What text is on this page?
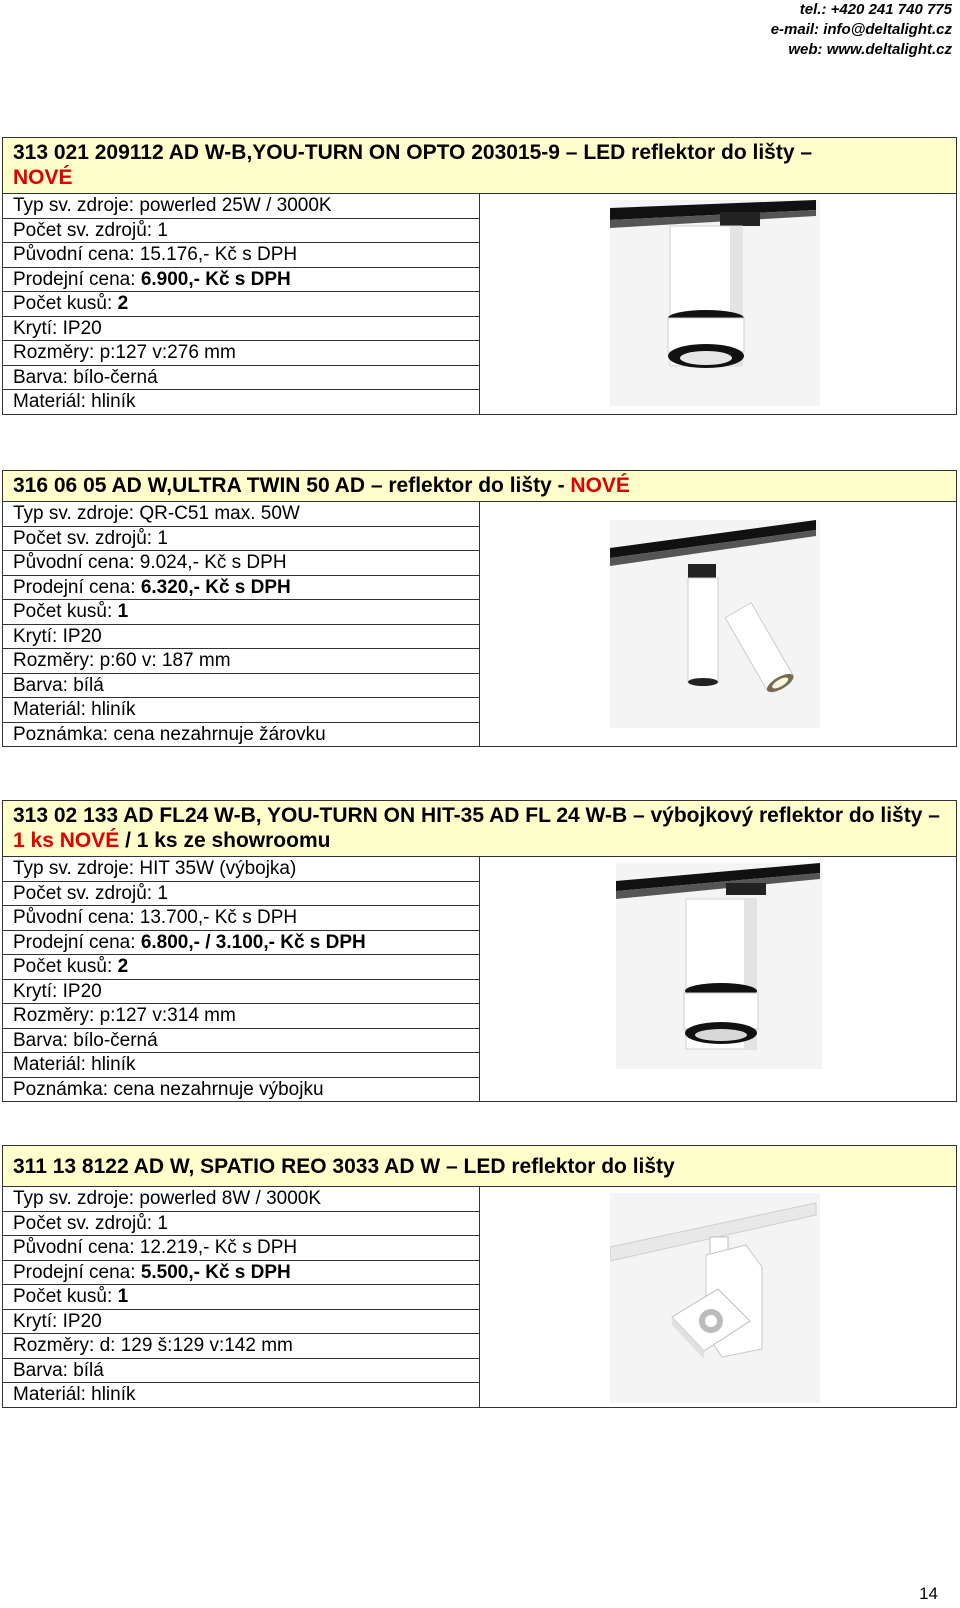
tel.: +420 241 740 775
e-mail: info@deltalight.cz
web: www.deltalight.cz
313 021 209112 AD W-B,YOU-TURN ON OPTO 203015-9 – LED reflektor do lišty –
NOVÉ
Typ sv. zdroje: powerled 25W / 3000K
Počet sv. zdrojů: 1
Původní cena: 15.176,- Kč s DPH
Prodejní cena: 6.900,- Kč s DPH
Počet kusů: 2
Krytí: IP20
Rozměry: p:127 v:276 mm
Barva: bílo-černá
Materiál: hliník
316 06 05 AD W,ULTRA TWIN 50 AD – reflektor do lišty - NOVÉ
Typ sv. zdroje: QR-C51 max. 50W
Počet sv. zdrojů: 1
Původní cena: 9.024,- Kč s DPH
Prodejní cena: 6.320,- Kč s DPH
Počet kusů: 1
Krytí: IP20
Rozměry: p:60 v: 187 mm
Barva: bílá
Materiál: hliník
Poznámka: cena nezahrnuje žárovku
313 02 133 AD FL24 W-B, YOU-TURN ON HIT-35 AD FL 24 W-B – výbojkový reflektor do lišty – 1 ks NOVÉ / 1 ks ze showroomu
Typ sv. zdroje: HIT 35W (výbojka)
Počet sv. zdrojů: 1
Původní cena: 13.700,- Kč s DPH
Prodejní cena: 6.800,- / 3.100,- Kč s DPH
Počet kusů: 2
Krytí: IP20
Rozměry: p:127 v:314 mm
Barva: bílo-černá
Materiál: hliník
Poznámka: cena nezahrnuje výbojku
311 13 8122 AD W, SPATIO REO 3033 AD W – LED reflektor do lišty
Typ sv. zdroje: powerled 8W / 3000K
Počet sv. zdrojů: 1
Původní cena: 12.219,- Kč s DPH
Prodejní cena: 5.500,- Kč s DPH
Počet kusů: 1
Krytí: IP20
Rozměry: d: 129 š:129 v:142 mm
Barva: bílá
Materiál: hliník
14
